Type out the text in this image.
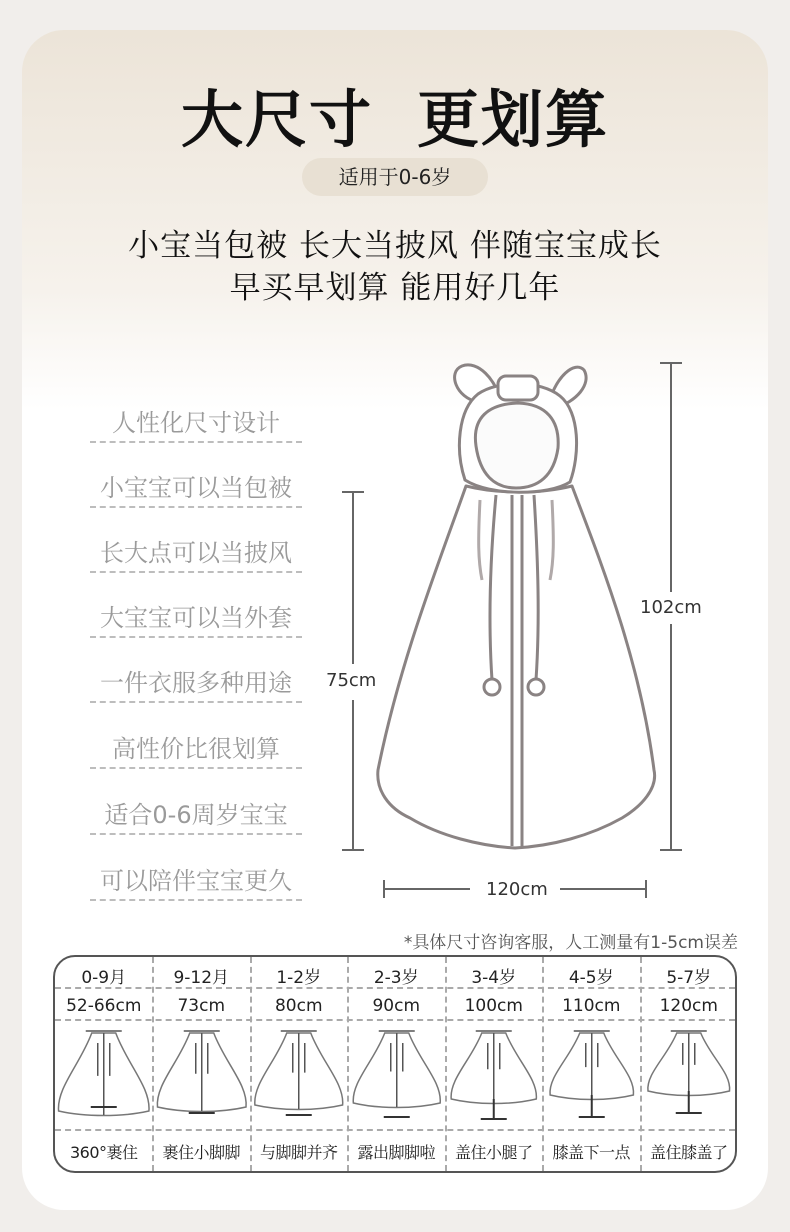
大尺寸 更划算
适用于0-6岁
小宝当包被 长大当披风 伴随宝宝成长
早买早划算 能用好几年
人性化尺寸设计
小宝宝可以当包被
长大点可以当披风
大宝宝可以当外套
一件衣服多种用途
高性价比很划算
适合0-6周岁宝宝
可以陪伴宝宝更久
75cm
102cm
120cm
*具体尺寸咨询客服，人工测量有1-5cm误差
0-9月
52-66cm
360°裹住
9-12月
73cm
裹住小脚脚
1-2岁
80cm
与脚脚并齐
2-3岁
90cm
露出脚脚啦
3-4岁
100cm
盖住小腿了
4-5岁
110cm
膝盖下一点
5-7岁
120cm
盖住膝盖了
